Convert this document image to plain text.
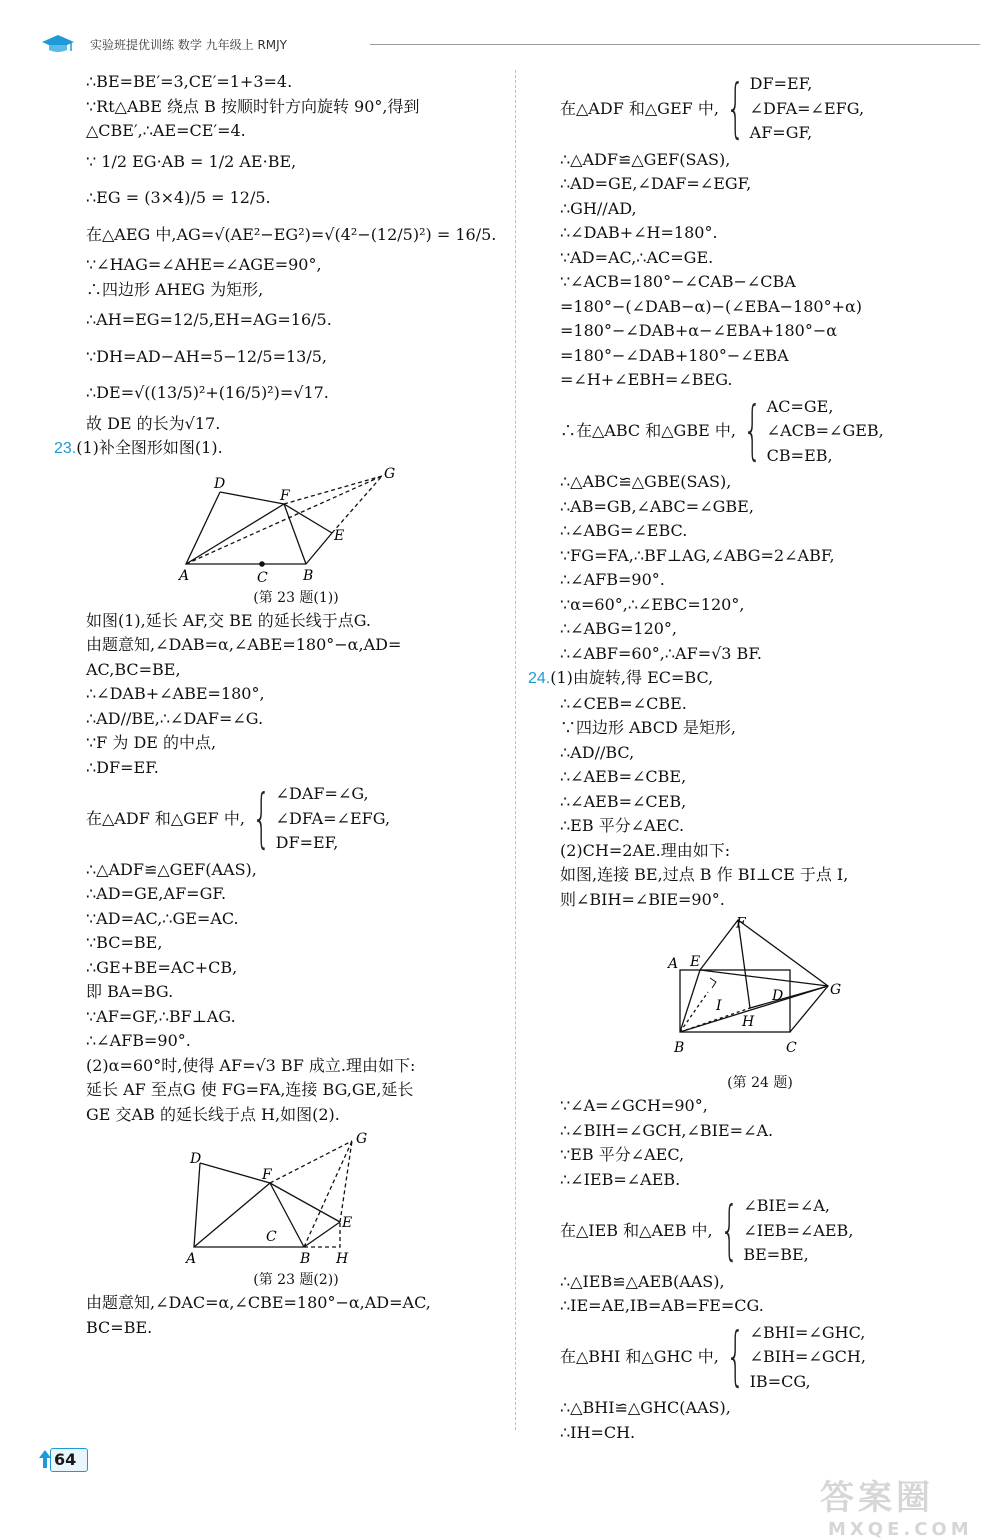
实验班提优训练 数学 九年级上 RMJY
∴BE=BE′=3,CE′=1+3=4.
∵Rt△ABE 绕点 B 按顺时针方向旋转 90°,得到
△CBE′,∴AE=CE′=4.
∵ 1/2 EG·AB = 1/2 AE·BE,
∴EG = (3×4)/5 = 12/5.
在△AEG 中,AG=√(AE²−EG²)=√(4²−(12/5)²) = 16/5.
∵∠HAG=∠AHE=∠AGE=90°,
∴四边形 AHEG 为矩形,
∴AH=EG=12/5,EH=AG=16/5.
∵DH=AD−AH=5−12/5=13/5,
∴DE=√((13/5)²+(16/5)²)=√17.
故 DE 的长为√17.
23.(1)补全图形如图(1).
D
F
G
E
A	C	B
(第 23 题(1))
如图(1),延长 AF,交 BE 的延长线于点G.
由题意知,∠DAB=α,∠ABE=180°−α,AD=
AC,BC=BE,
∴∠DAB+∠ABE=180°,
∴AD//BE,∴∠DAF=∠G.
∵F 为 DE 的中点,
∴DF=EF.
在△ADF 和△GEF 中, { ∠DAF=∠G,
∠DFA=∠EFG,
DF=EF,
∴△ADF≌△GEF(AAS),
∴AD=GE,AF=GF.
∵AD=AC,∴GE=AC.
∵BC=BE,
∴GE+BE=AC+CB,
即 BA=BG.
∵AF=GF,∴BF⊥AG.
∴∠AFB=90°.
(2)α=60°时,使得 AF=√3 BF 成立.理由如下:
延长 AF 至点G 使 FG=FA,连接 BG,GE,延长
GE 交AB 的延长线于点 H,如图(2).
G
D
F
E
C
A	B H
(第 23 题(2))
由题意知,∠DAC=α,∠CBE=180°−α,AD=AC,
BC=BE.
在△ADF 和△GEF 中, { DF=EF,
∠DFA=∠EFG,
AF=GF,
∴△ADF≌△GEF(SAS),
∴AD=GE,∠DAF=∠EGF,
∴GH//AD,
∴∠DAB+∠H=180°.
∵AD=AC,∴AC=GE.
∵∠ACB=180°−∠CAB−∠CBA
=180°−(∠DAB−α)−(∠EBA−180°+α)
=180°−∠DAB+α−∠EBA+180°−α
=180°−∠DAB+180°−∠EBA
=∠H+∠EBH=∠BEG.
∴在△ABC 和△GBE 中, { AC=GE,
∠ACB=∠GEB,
CB=EB,
∴△ABC≌△GBE(SAS),
∴AB=GB,∠ABC=∠GBE,
∴∠ABG=∠EBC.
∵FG=FA,∴BF⊥AG,∠ABG=2∠ABF,
∴∠AFB=90°.
∵α=60°,∴∠EBC=120°,
∴∠ABG=120°,
∴∠ABF=60°,∴AF=√3 BF.
24.(1)由旋转,得 EC=BC,
∴∠CEB=∠CBE.
∵四边形 ABCD 是矩形,
∴AD//BC,
∴∠AEB=∠CBE,
∴∠AEB=∠CEB,
∴EB 平分∠AEC.
(2)CH=2AE.理由如下:
如图,连接 BE,过点 B 作 BI⊥CE 于点 I,
则∠BIH=∠BIE=90°.
F
A E
D	G
I
H
B	C
(第 24 题)
∵∠A=∠GCH=90°,
∴∠BIH=∠GCH,∠BIE=∠A.
∵EB 平分∠AEC,
∴∠IEB=∠AEB.
在△IEB 和△AEB 中, { ∠BIE=∠A,
∠IEB=∠AEB,
BE=BE,
∴△IEB≌△AEB(AAS),
∴IE=AE,IB=AB=FE=CG.
在△BHI 和△GHC 中, { ∠BHI=∠GHC,
∠BIH=∠GCH,
IB=CG,
∴△BHI≌△GHC(AAS),
∴IH=CH.
64
答案圈
MXQE.COM
